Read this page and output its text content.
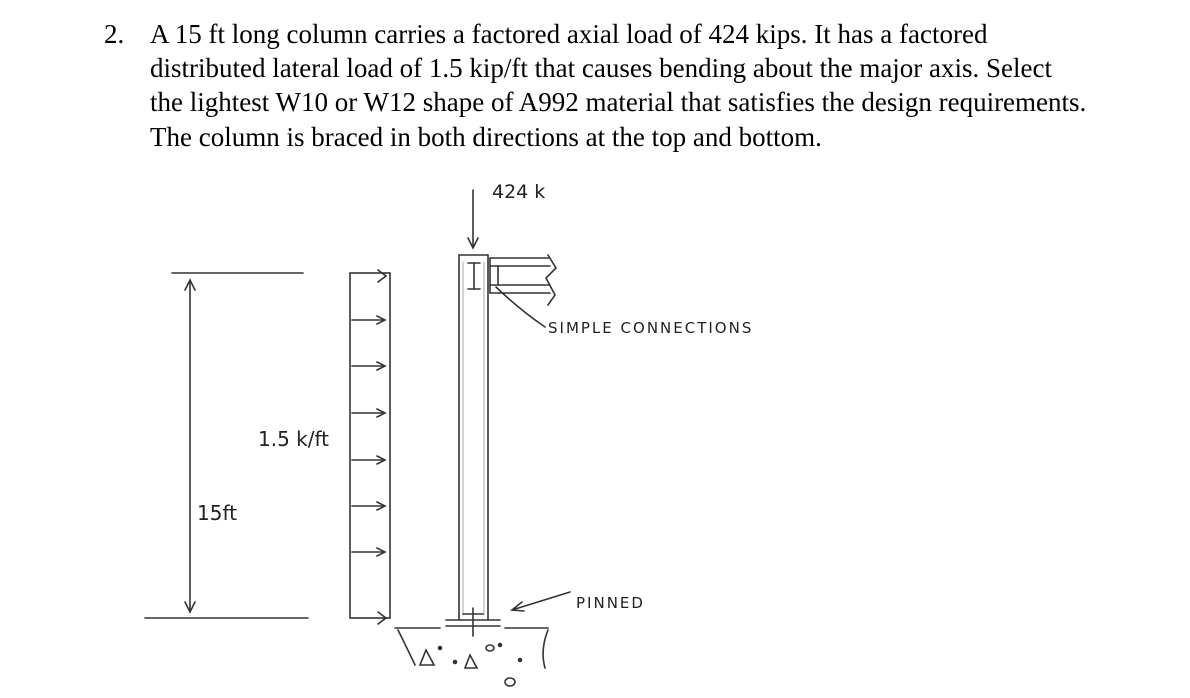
2. A 15 ft long column carries a factored axial load of 424 kips. It has a factored
distributed lateral load of 1.5 kip/ft that causes bending about the major axis. Select
the lightest W10 or W12 shape of A992 material that satisfies the design requirements.
The column is braced in both directions at the top and bottom.
424 k
SIMPLE CONNECTIONS
1.5 k/ft
15ft
PINNED
